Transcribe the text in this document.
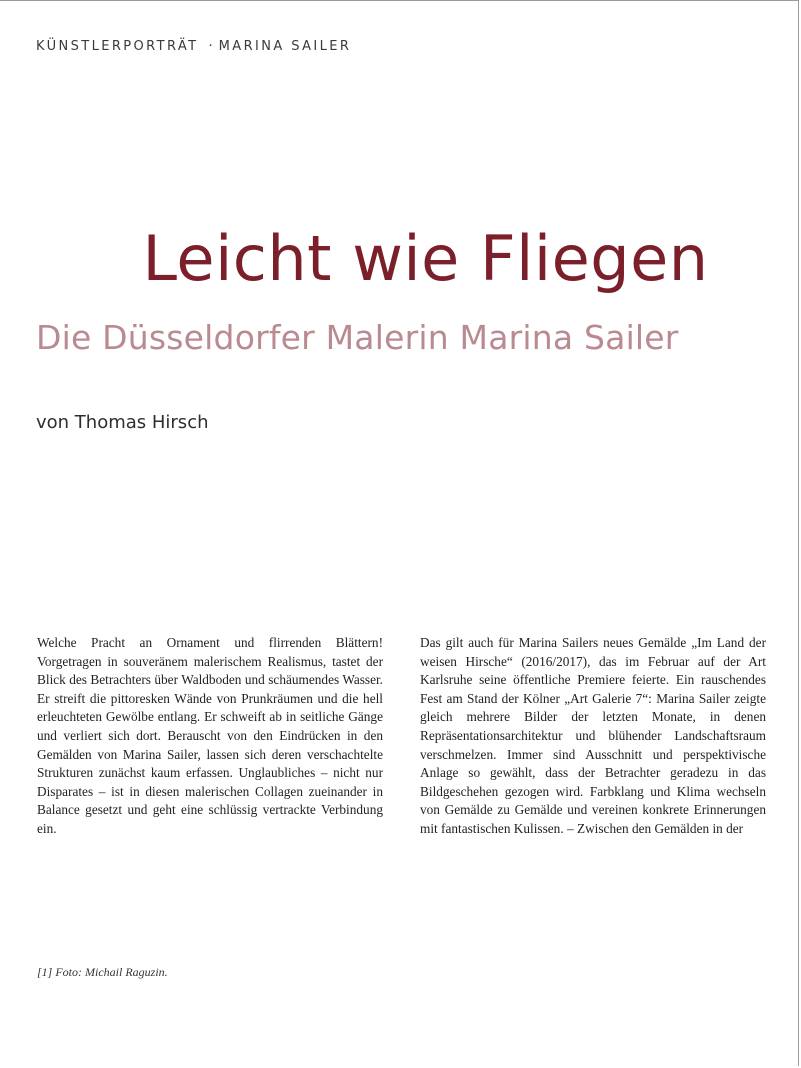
KÜNSTLERPORTRÄT · MARINA SAILER
Leicht wie Fliegen
Die Düsseldorfer Malerin Marina Sailer

von Thomas Hirsch

Welche Pracht an Ornament und flirrenden Blättern! Vorgetragen in souveränem malerischem Realismus, tastet der Blick des Betrachters über Waldboden und schäumendes Wasser. Er streift die pittoresken Wände von Prunkräumen und die hell erleuchteten Gewölbe entlang. Er schweift ab in seitliche Gänge und verliert sich dort. Berauscht von den Eindrücken in den Gemälden von Marina Sailer, lassen sich deren verschachtelte Strukturen zunächst kaum erfassen. Unglaubliches – nicht nur Disparates – ist in diesen malerischen Collagen zueinander in Balance gesetzt und geht eine schlüssig vertrackte Verbindung ein.

Das gilt auch für Marina Sailers neues Gemälde „Im Land der weisen Hirsche“ (2016/2017), das im Februar auf der Art Karlsruhe seine öffentliche Premiere feierte. Ein rauschendes Fest am Stand der Kölner „Art Galerie 7“: Marina Sailer zeigte gleich mehrere Bilder der letzten Monate, in denen Repräsentationsarchitektur und blühender Landschaftsraum verschmelzen. Immer sind Ausschnitt und perspektivische Anlage so gewählt, dass der Betrachter geradezu in das Bildgeschehen gezogen wird. Farbklang und Klima wechseln von Gemälde zu Gemälde und vereinen konkrete Erinnerungen mit fantastischen Kulissen. – Zwischen den Gemälden in der

[1] Foto: Michail Raguzin.
